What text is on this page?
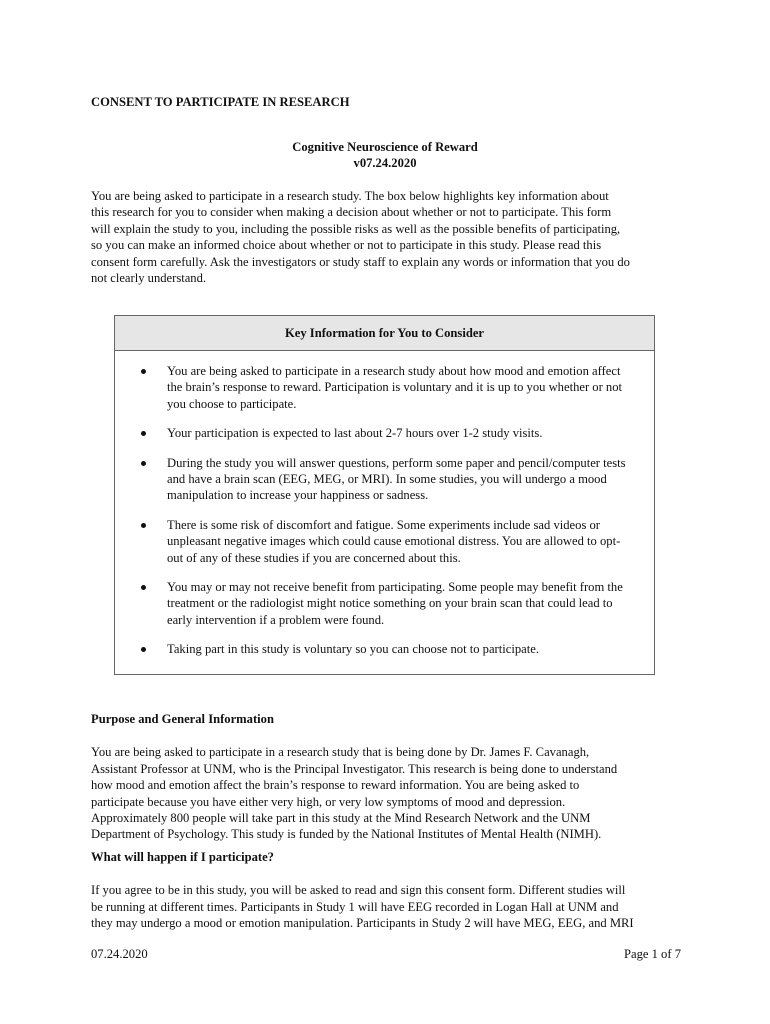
CONSENT TO PARTICIPATE IN RESEARCH

Cognitive Neuroscience of Reward
v07.24.2020
You are being asked to participate in a research study. The box below highlights key information about
this research for you to consider when making a decision about whether or not to participate. This form
will explain the study to you, including the possible risks as well as the possible benefits of participating,
so you can make an informed choice about whether or not to participate in this study. Please read this
consent form carefully. Ask the investigators or study staff to explain any words or information that you do
not clearly understand.
Key Information for You to Consider
You are being asked to participate in a research study about how mood and emotion affect
the brain’s response to reward. Participation is voluntary and it is up to you whether or not
you choose to participate.
Your participation is expected to last about 2-7 hours over 1-2 study visits.
During the study you will answer questions, perform some paper and pencil/computer tests
and have a brain scan (EEG, MEG, or MRI). In some studies, you will undergo a mood
manipulation to increase your happiness or sadness.
There is some risk of discomfort and fatigue. Some experiments include sad videos or
unpleasant negative images which could cause emotional distress. You are allowed to opt-
out of any of these studies if you are concerned about this.
You may or may not receive benefit from participating. Some people may benefit from the
treatment or the radiologist might notice something on your brain scan that could lead to
early intervention if a problem were found.
Taking part in this study is voluntary so you can choose not to participate.

Purpose and General Information

You are being asked to participate in a research study that is being done by Dr. James F. Cavanagh,
Assistant Professor at UNM, who is the Principal Investigator. This research is being done to understand
how mood and emotion affect the brain’s response to reward information. You are being asked to
participate because you have either very high, or very low symptoms of mood and depression.
Approximately 800 people will take part in this study at the Mind Research Network and the UNM
Department of Psychology. This study is funded by the National Institutes of Mental Health (NIMH).

What will happen if I participate?

If you agree to be in this study, you will be asked to read and sign this consent form. Different studies will
be running at different times. Participants in Study 1 will have EEG recorded in Logan Hall at UNM and
they may undergo a mood or emotion manipulation. Participants in Study 2 will have MEG, EEG, and MRI
07.24.2020	Page 1 of 7
